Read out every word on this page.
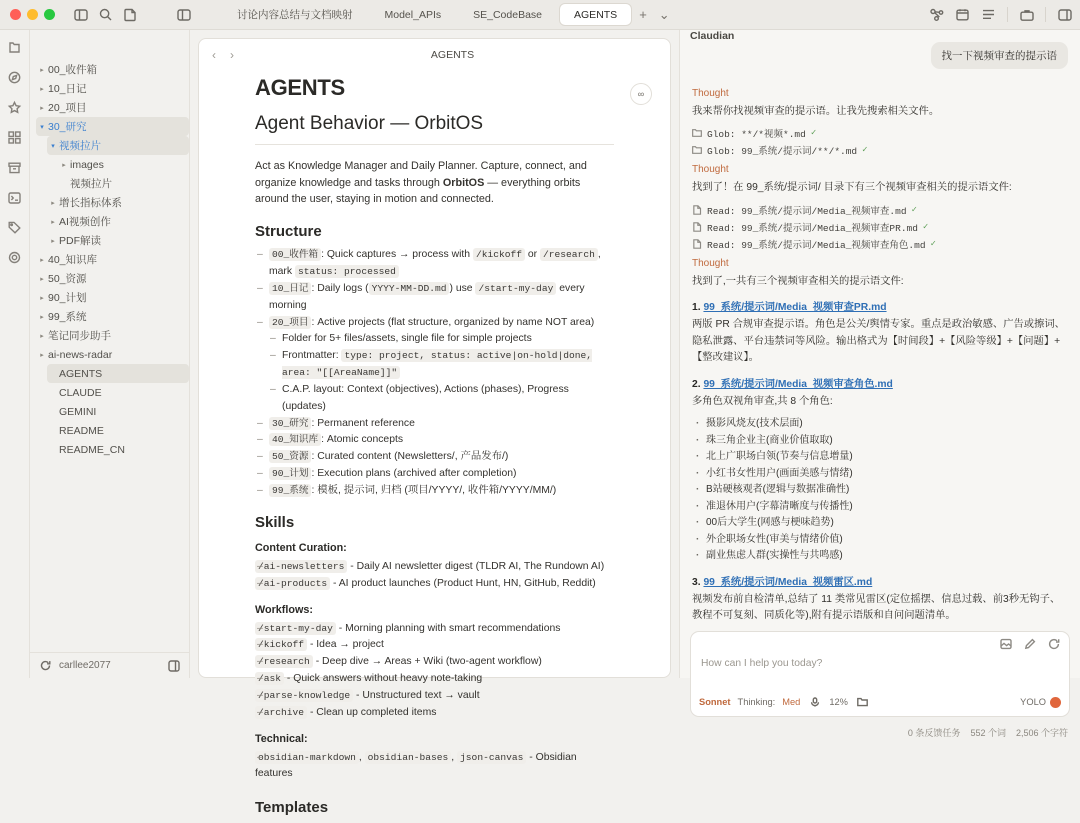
讨论内容总结与文档映射	Model_APIs	SE_CodeBase	AGENTS	+ ⌄
▸ 00_收件箱
▸ 10_日记
▸ 20_项目
▾ 30_研究
▾ 视频拉片
▸ images
视频拉片
▸ 增长指标体系
▸ AI视频创作
▸ PDF解读
▸ 40_知识库
▸ 50_资源
▸ 90_计划
▸ 99_系统
▸ 笔记同步助手
▸ ai-news-radar
AGENTS
CLAUDE
GEMINI
README
README_CN
carllee2077
‹ ›	AGENTS
∞
AGENTS
Agent Behavior — OrbitOS

Act as Knowledge Manager and Daily Planner. Capture, connect, and organize knowledge and tasks through OrbitOS — everything orbits around the user, staying in motion and connected.

Structure
– 00_收件箱 : Quick captures → process with /kickoff or /research , mark status: processed
– 10_日记 : Daily logs ( YYYY-MM-DD.md ) use /start-my-day every morning
– 20_项目 : Active projects (flat structure, organized by name NOT area)
– Folder for 5+ files/assets, single file for simple projects
– Frontmatter: type: project, status: active|on-hold|done, area: "[[AreaName]]"
– C.A.P. layout: Context (objectives), Actions (phases), Progress (updates)
– 30_研究 : Permanent reference
– 40_知识库 : Atomic concepts
– 50_资源 : Curated content (Newsletters/, 产品发布/)
– 90_计划 : Execution plans (archived after completion)
– 99_系统 : 模板, 提示词, 归档 (项目/YYYY/, 收件箱/YYYY/MM/)
Skills
Content Curation:
– /ai-newsletters - Daily AI newsletter digest (TLDR AI, The Rundown AI)
– /ai-products - AI product launches (Product Hunt, HN, GitHub, Reddit)
Workflows:
– /start-my-day - Morning planning with smart recommendations
– /kickoff - Idea → project
– /research - Deep dive → Areas + Wiki (two-agent workflow)
– /ask - Quick answers without heavy note-taking
– /parse-knowledge - Unstructured text → vault
– /archive - Clean up completed items
Technical:
– obsidian-markdown , obsidian-bases , json-canvas - Obsidian features
Templates
Claudian
找一下视频审查的提示语
Thought
我来帮你找视频审查的提示语。让我先搜索相关文件。
Glob: **/*视频*.md ✓
Glob: 99_系统/提示词/**/*.md ✓
Thought
找到了！在 99_系统/提示词/ 目录下有三个视频审查相关的提示语文件:
Read: 99_系统/提示词/Media_视频审查.md ✓
Read: 99_系统/提示词/Media_视频审查PR.md ✓
Read: 99_系统/提示词/Media_视频审查角色.md ✓
Thought
找到了,一共有三个视频审查相关的提示语文件:
1. 99_系统/提示词/Media_视频审查PR.md
两版 PR 合规审查提示语。角色是公关/舆情专家。重点是政治敏感、广告或擦词、隐私泄露、平台违禁词等风险。输出格式为【时间段】+【风险等级】+【问题】+【整改建议】。
2. 99_系统/提示词/Media_视频审查角色.md
多角色双视角审查,共 8 个角色:
· 摄影风烧友(技术层面)
· 珠三角企业主(商业价值取取)
· 北上广职场白领(节奏与信息增量)
· 小红书女性用户(画面美感与情绪)
· B站硬核观者(逻辑与数据准确性)
· 准退休用户(字幕清晰度与传播性)
· 00后大学生(网感与梗味趋势)
· 外企职场女性(审美与情绪价值)
· 副业焦虑人群(实操性与共鸣感)
3. 99_系统/提示词/Media_视频雷区.md
视频发布前自检清单,总结了 11 类常见雷区(定位摇摆、信息过载、前3秒无钩子、教程不可复刻、同质化等),附有提示语版和自问问题清单。
How can I help you today?
Sonnet Thinking: Med	12%	YOLO
0 条反馈任务 552 个词 2,506 个字符
